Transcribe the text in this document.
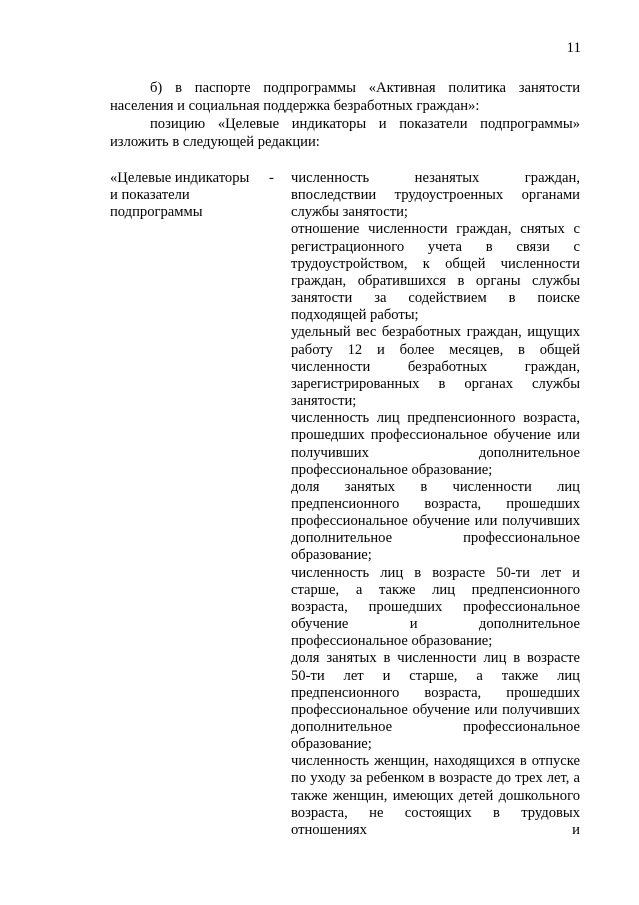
11
б) в паспорте подпрограммы «Активная политика занятости населения и социальная поддержка безработных граждан»:
позицию «Целевые индикаторы и показатели подпрограммы» изложить в следующей редакции:
«Целевые индикаторы и показатели подпрограммы
- численность незанятых граждан, впоследствии трудоустроенных органами службы занятости;
отношение численности граждан, снятых с регистрационного учета в связи с трудоустройством, к общей численности граждан, обратившихся в органы службы занятости за содействием в поиске подходящей работы;
удельный вес безработных граждан, ищущих работу 12 и более месяцев, в общей численности безработных граждан, зарегистрированных в органах службы занятости;
численность лиц предпенсионного возраста, прошедших профессиональное обучение или получивших дополнительное профессиональное образование;
доля занятых в численности лиц предпенсионного возраста, прошедших профессиональное обучение или получивших дополнительное профессиональное образование;
численность лиц в возрасте 50-ти лет и старше, а также лиц предпенсионного возраста, прошедших профессиональное обучение и дополнительное профессиональное образование;
доля занятых в численности лиц в возрасте 50-ти лет и старше, а также лиц предпенсионного возраста, прошедших профессиональное обучение или получивших дополнительное профессиональное образование;
численность женщин, находящихся в отпуске по уходу за ребенком в возрасте до трех лет, а также женщин, имеющих детей дошкольного возраста, не состоящих в трудовых отношениях и
